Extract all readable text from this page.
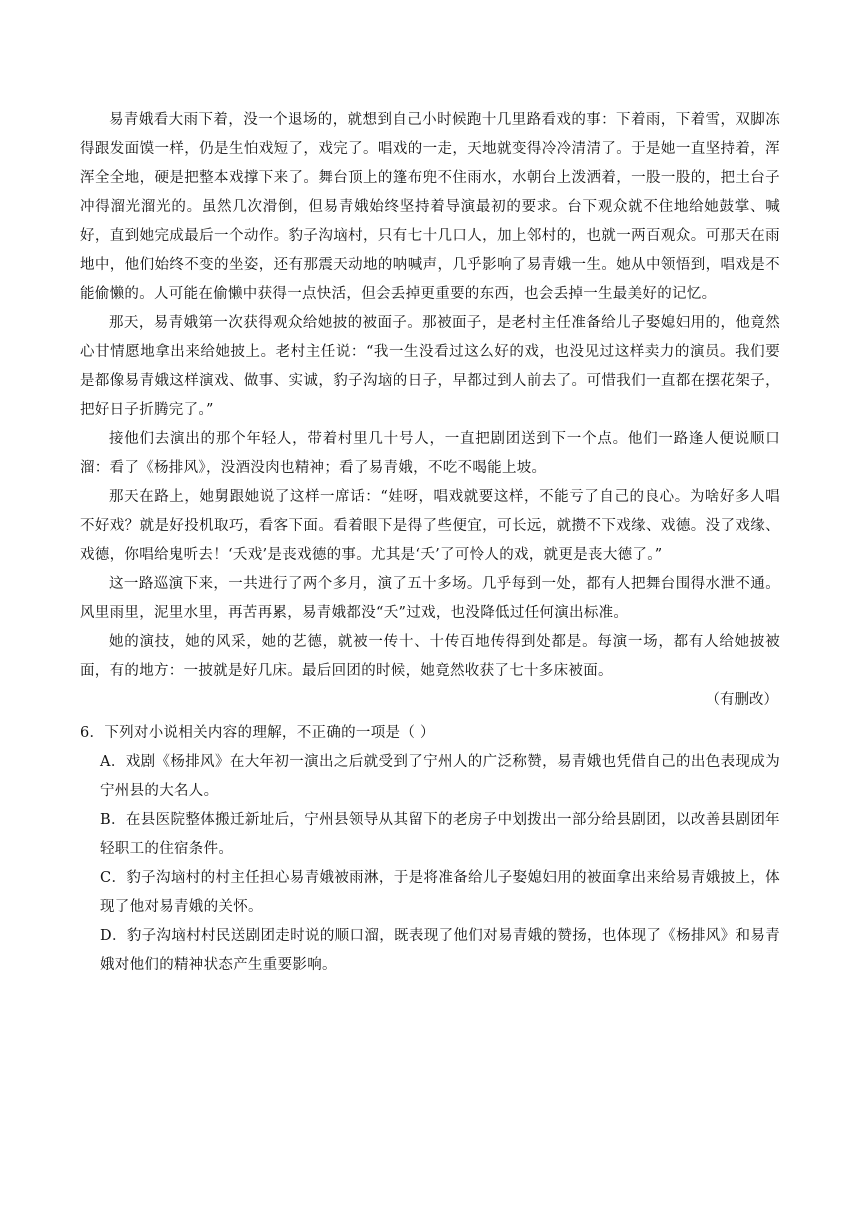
易青娥看大雨下着，没一个退场的，就想到自己小时候跑十几里路看戏的事：下着雨，下着雪，双脚冻得跟发面馍一样，仍是生怕戏短了，戏完了。唱戏的一走，天地就变得冷冷清清了。于是她一直坚持着，浑浑全全地，硬是把整本戏撑下来了。舞台顶上的篷布兜不住雨水，水朝台上泼洒着，一股一股的，把土台子冲得溜光溜光的。虽然几次滑倒，但易青娥始终坚持着导演最初的要求。台下观众就不住地给她鼓掌、喊好，直到她完成最后一个动作。豹子沟垴村，只有七十几口人，加上邻村的，也就一两百观众。可那天在雨地中，他们始终不变的坐姿，还有那震天动地的呐喊声，几乎影响了易青娥一生。她从中领悟到，唱戏是不能偷懒的。人可能在偷懒中获得一点快活，但会丢掉更重要的东西，也会丢掉一生最美好的记忆。

那天，易青娥第一次获得观众给她披的被面子。那被面子，是老村主任准备给儿子娶媳妇用的，他竟然心甘情愿地拿出来给她披上。老村主任说：“我一生没看过这么好的戏，也没见过这样卖力的演员。我们要是都像易青娥这样演戏、做事、实诚，豹子沟垴的日子，早都过到人前去了。可惜我们一直都在摆花架子，把好日子折腾完了。”

接他们去演出的那个年轻人，带着村里几十号人，一直把剧团送到下一个点。他们一路逢人便说顺口溜：看了《杨排风》，没酒没肉也精神；看了易青娥，不吃不喝能上坡。

那天在路上，她舅跟她说了这样一席话：“娃呀，唱戏就要这样，不能亏了自己的良心。为啥好多人唱不好戏？就是好投机取巧，看客下面。看着眼下是得了些便宜，可长远，就攒不下戏缘、戏德。没了戏缘、戏德，你唱给鬼听去！‘夭戏’是丧戏德的事。尤其是‘夭’了可怜人的戏，就更是丧大德了。”

这一路巡演下来，一共进行了两个多月，演了五十多场。几乎每到一处，都有人把舞台围得水泄不通。风里雨里，泥里水里，再苦再累，易青娥都没“夭”过戏，也没降低过任何演出标准。

她的演技，她的风采，她的艺德，就被一传十、十传百地传得到处都是。每演一场，都有人给她披被面，有的地方：一披就是好几床。最后回团的时候，她竟然收获了七十多床被面。

（有删改）

6．下列对小说相关内容的理解，不正确的一项是（ ）

A．戏剧《杨排风》在大年初一演出之后就受到了宁州人的广泛称赞，易青娥也凭借自己的出色表现成为宁州县的大名人。

B．在县医院整体搬迁新址后，宁州县领导从其留下的老房子中划拨出一部分给县剧团，以改善县剧团年轻职工的住宿条件。

C．豹子沟垴村的村主任担心易青娥被雨淋，于是将准备给儿子娶媳妇用的被面拿出来给易青娥披上，体现了他对易青娥的关怀。

D．豹子沟垴村村民送剧团走时说的顺口溜，既表现了他们对易青娥的赞扬，也体现了《杨排风》和易青娥对他们的精神状态产生重要影响。
